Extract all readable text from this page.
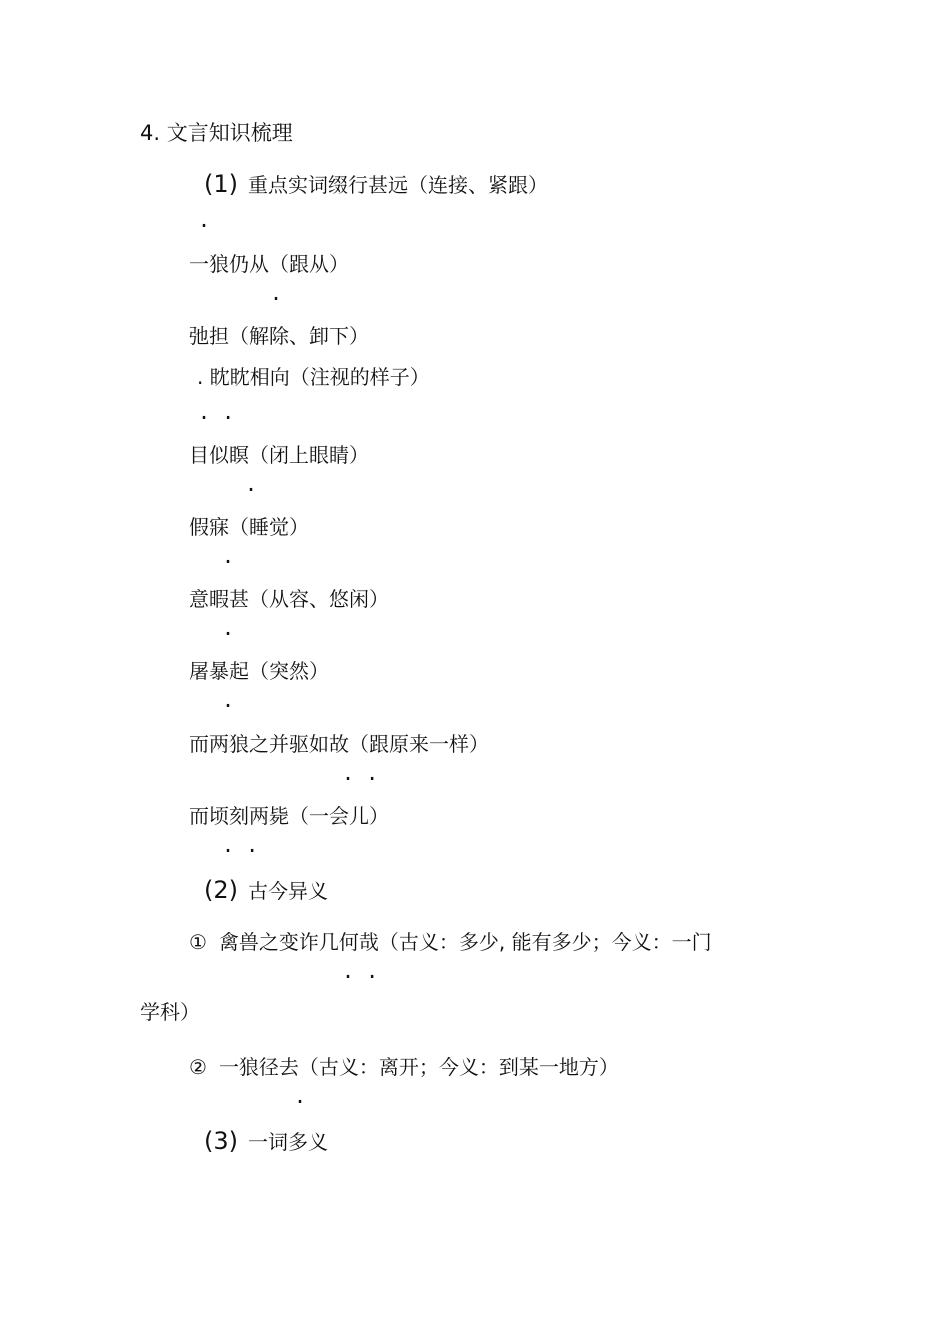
4. 文言知识梳理
(1) 重点实词缀行甚远（连接、紧跟）
.
一狼仍从（跟从）
.
弛担（解除、卸下）
. 眈眈相向（注视的样子）
. .
目似瞑（闭上眼睛）
.
假寐（睡觉）
.
意暇甚（从容、悠闲）
.
屠暴起（突然）
.
而两狼之并驱如故（跟原来一样）
. .
而顷刻两毙（一会儿）
. .
(2) 古今异义
① 禽兽之变诈几何哉（古义：多少, 能有多少；今义：一门
. .
学科）
② 一狼径去（古义：离开；今义：到某一地方）
.
(3) 一词多义
